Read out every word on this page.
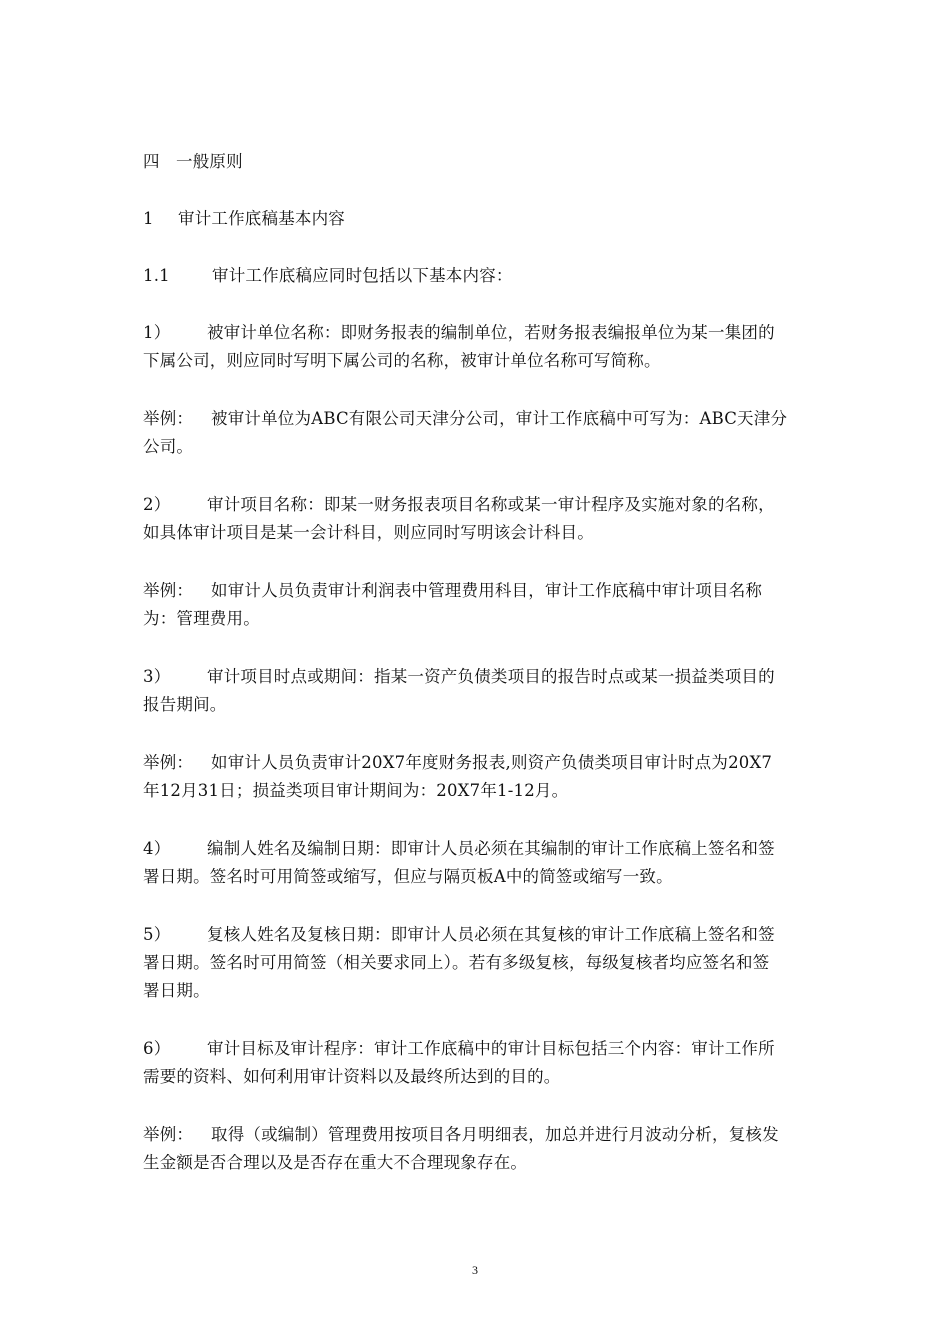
四 一般原则
1 审计工作底稿基本内容
1.1	审计工作底稿应同时包括以下基本内容：
1） 被审计单位名称：即财务报表的编制单位，若财务报表编报单位为某一集团的
下属公司，则应同时写明下属公司的名称，被审计单位名称可写简称。
举例： 被审计单位为ABC有限公司天津分公司，审计工作底稿中可写为：ABC天津分
公司。
2） 审计项目名称：即某一财务报表项目名称或某一审计程序及实施对象的名称，
如具体审计项目是某一会计科目，则应同时写明该会计科目。
举例： 如审计人员负责审计利润表中管理费用科目，审计工作底稿中审计项目名称
为：管理费用。
3） 审计项目时点或期间：指某一资产负债类项目的报告时点或某一损益类项目的
报告期间。
举例： 如审计人员负责审计20X7年度财务报表,则资产负债类项目审计时点为20X7
年12月31日；损益类项目审计期间为：20X7年1-12月。
4） 编制人姓名及编制日期：即审计人员必须在其编制的审计工作底稿上签名和签
署日期。签名时可用简签或缩写，但应与隔页板A中的简签或缩写一致。
5） 复核人姓名及复核日期：即审计人员必须在其复核的审计工作底稿上签名和签
署日期。签名时可用简签（相关要求同上）。若有多级复核，每级复核者均应签名和签
署日期。
6） 审计目标及审计程序：审计工作底稿中的审计目标包括三个内容：审计工作所
需要的资料、如何利用审计资料以及最终所达到的目的。
举例： 取得（或编制）管理费用按项目各月明细表，加总并进行月波动分析，复核发
生金额是否合理以及是否存在重大不合理现象存在。
3
